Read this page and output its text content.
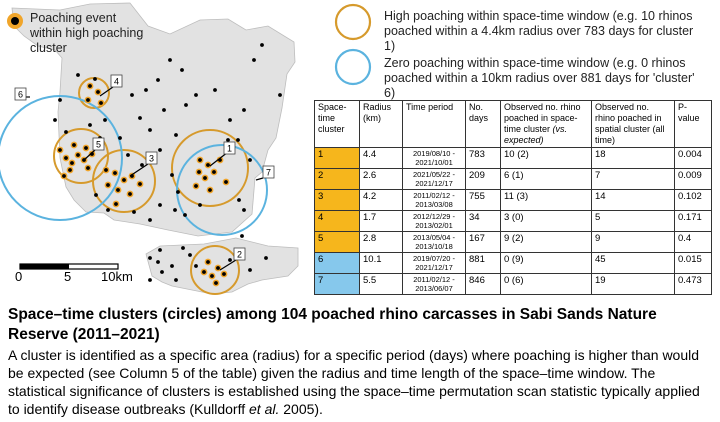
1
2
3
4
5
6
7
0	5 10km
Poaching event within high poaching cluster
High poaching within space-time window (e.g. 10 rhinos poached within a 4.4km radius over 783 days for cluster 1)
Zero poaching within space-time window (e.g. 0 rhinos poached within a 10km radius over 881 days for 'cluster' 6)
Space-time cluster	Radius (km)	Time period	No. days	Observed no. rhino poached in space-time cluster (vs. expected)	Observed no. rhino poached in spatial cluster (all time)	P-value
1	4.4	2019/08/10 - 2021/10/01	783	10 (2)	18	0.004
2	2.6	2021/05/22 - 2021/12/17	209	6 (1)	7	0.009
3	4.2	2011/02/12 - 2013/03/08	755	11 (3)	14	0.102
4	1.7	2012/12/29 - 2013/02/01	34	3 (0)	5	0.171
5	2.8	2013/05/04 - 2013/10/18	167	9 (2)	9	0.4
6	10.1	2019/07/20 - 2021/12/17	881	0 (9)	45	0.015
7	5.5	2011/02/12 - 2013/06/07	846	0 (6)	19	0.473
Space–time clusters (circles) among 104 poached rhino carcasses in Sabi Sands Nature Reserve (2011–2021)
A cluster is identified as a specific area (radius) for a specific period (days) where poaching is higher than would be expected (see Column 5 of the table) given the radius and time length of the space–time window. The statistical significance of clusters is established using the space–time permutation scan statistic typically applied to identify disease outbreaks (Kulldorff et al. 2005).
